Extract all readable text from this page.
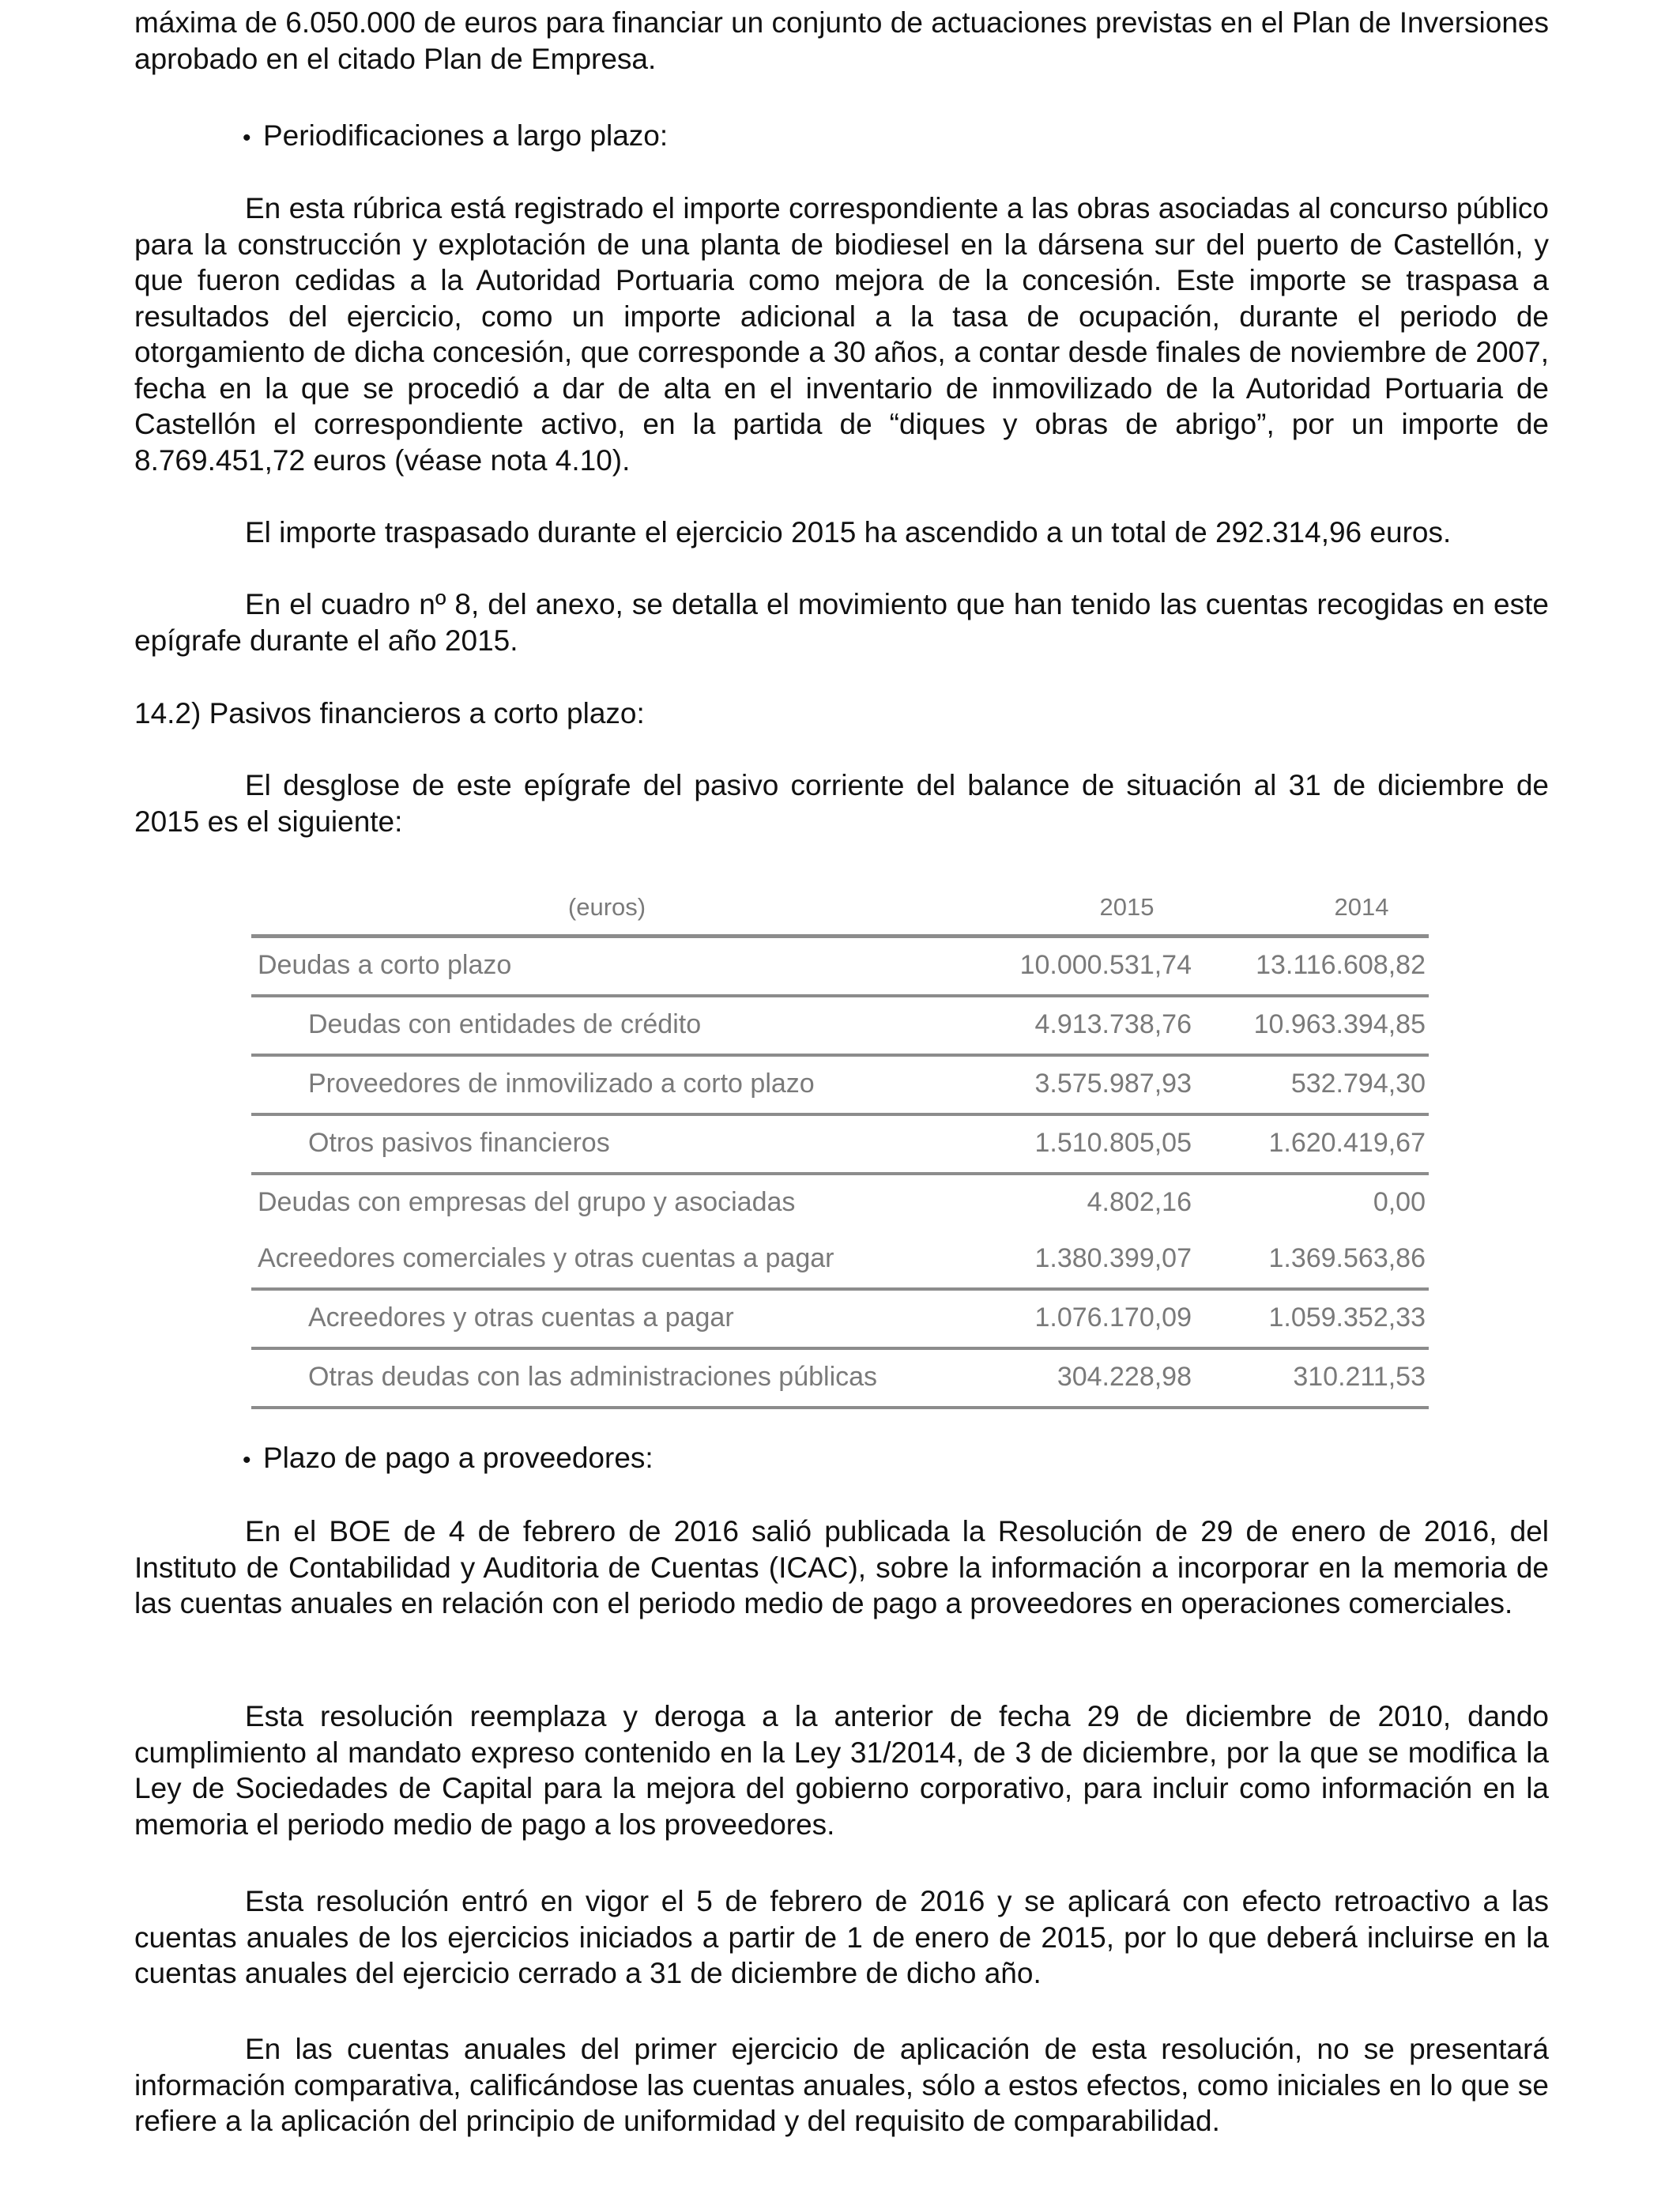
máxima de 6.050.000 de euros para financiar un conjunto de actuaciones previstas en el Plan de Inversiones aprobado en el citado Plan de Empresa.

• Periodificaciones a largo plazo:

En esta rúbrica está registrado el importe correspondiente a las obras asociadas al concurso público para la construcción y explotación de una planta de biodiesel en la dársena sur del puerto de Castellón, y que fueron cedidas a la Autoridad Portuaria como mejora de la concesión. Este importe se traspasa a resultados del ejercicio, como un importe adicional a la tasa de ocupación, durante el periodo de otorgamiento de dicha concesión, que corresponde a 30 años, a contar desde finales de noviembre de 2007, fecha en la que se procedió a dar de alta en el inventario de inmovilizado de la Autoridad Portuaria de Castellón el correspondiente activo, en la partida de “diques y obras de abrigo”, por un importe de 8.769.451,72 euros (véase nota 4.10).

El importe traspasado durante el ejercicio 2015 ha ascendido a un total de 292.314,96 euros.

En el cuadro nº 8, del anexo, se detalla el movimiento que han tenido las cuentas recogidas en este epígrafe durante el año 2015.

14.2) Pasivos financieros a corto plazo:

El desglose de este epígrafe del pasivo corriente del balance de situación al 31 de diciembre de 2015 es el siguiente:

(euros)	2015	2014
Deudas a corto plazo	10.000.531,74 13.116.608,82
Deudas con entidades de crédito	4.913.738,76 10.963.394,85
Proveedores de inmovilizado a corto plazo	3.575.987,93	532.794,30
Otros pasivos financieros	1.510.805,05	1.620.419,67
Deudas con empresas del grupo y asociadas	4.802,16	0,00
Acreedores comerciales y otras cuentas a pagar	1.380.399,07	1.369.563,86
Acreedores y otras cuentas a pagar	1.076.170,09	1.059.352,33
Otras deudas con las administraciones públicas	304.228,98	310.211,53

• Plazo de pago a proveedores:

En el BOE de 4 de febrero de 2016 salió publicada la Resolución de 29 de enero de 2016, del Instituto de Contabilidad y Auditoria de Cuentas (ICAC), sobre la información a incorporar en la memoria de las cuentas anuales en relación con el periodo medio de pago a proveedores en operaciones comerciales.

Esta resolución reemplaza y deroga a la anterior de fecha 29 de diciembre de 2010, dando cumplimiento al mandato expreso contenido en la Ley 31/2014, de 3 de diciembre, por la que se modifica la Ley de Sociedades de Capital para la mejora del gobierno corporativo, para incluir como información en la memoria el periodo medio de pago a los proveedores.

Esta resolución entró en vigor el 5 de febrero de 2016 y se aplicará con efecto retroactivo a las cuentas anuales de los ejercicios iniciados a partir de 1 de enero de 2015, por lo que deberá incluirse en la cuentas anuales del ejercicio cerrado a 31 de diciembre de dicho año.

En las cuentas anuales del primer ejercicio de aplicación de esta resolución, no se presentará información comparativa, calificándose las cuentas anuales, sólo a estos efectos, como iniciales en lo que se refiere a la aplicación del principio de uniformidad y del requisito de comparabilidad.
